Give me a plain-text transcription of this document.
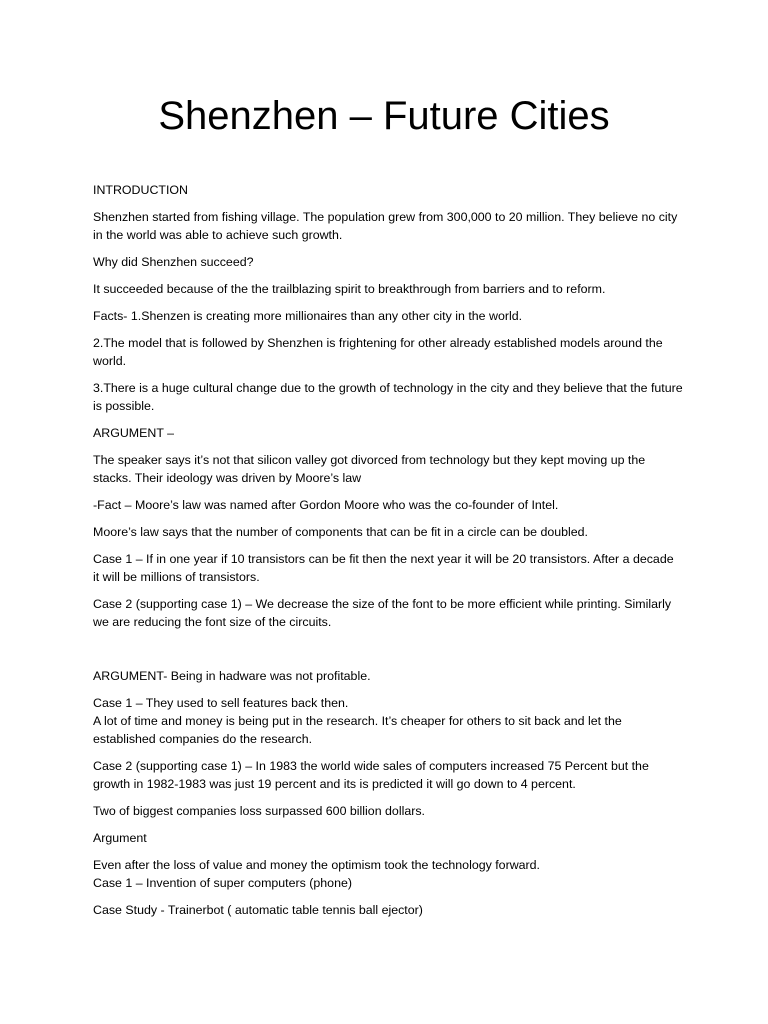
Shenzhen – Future Cities

INTRODUCTION

Shenzhen started from fishing village. The population grew from 300,000 to 20 million. They believe no city in the world was able to achieve such growth.

Why did Shenzhen succeed?

It succeeded because of the the trailblazing spirit to breakthrough from barriers and to reform.

Facts- 1.Shenzen is creating more millionaires than any other city in the world.

2.The model that is followed by Shenzhen is frightening for other already established models around the world.

3.There is a huge cultural change due to the growth of technology in the city and they believe that the future is possible.

ARGUMENT –

The speaker says it’s not that silicon valley got divorced from technology but they kept moving up the stacks. Their ideology was driven by Moore’s law

-Fact – Moore’s law was named after Gordon Moore who was the co-founder of Intel.

Moore’s law says that the number of components that can be fit in a circle can be doubled.

Case 1 – If in one year if 10 transistors can be fit then the next year it will be 20 transistors. After a decade it will be millions of transistors.

Case 2 (supporting case 1) – We decrease the size of the font to be more efficient while printing. Similarly we are reducing the font size of the circuits.

ARGUMENT- Being in hadware was not profitable.

Case 1 – They used to sell features back then.
A lot of time and money is being put in the research. It’s cheaper for others to sit back and let the established companies do the research.

Case 2 (supporting case 1) – In 1983 the world wide sales of computers increased 75 Percent but the growth in 1982-1983 was just 19 percent and its is predicted it will go down to 4 percent.

Two of biggest companies loss surpassed 600 billion dollars.

Argument

Even after the loss of value and money the optimism took the technology forward.
Case 1 – Invention of super computers (phone)

Case Study - Trainerbot ( automatic table tennis ball ejector)
